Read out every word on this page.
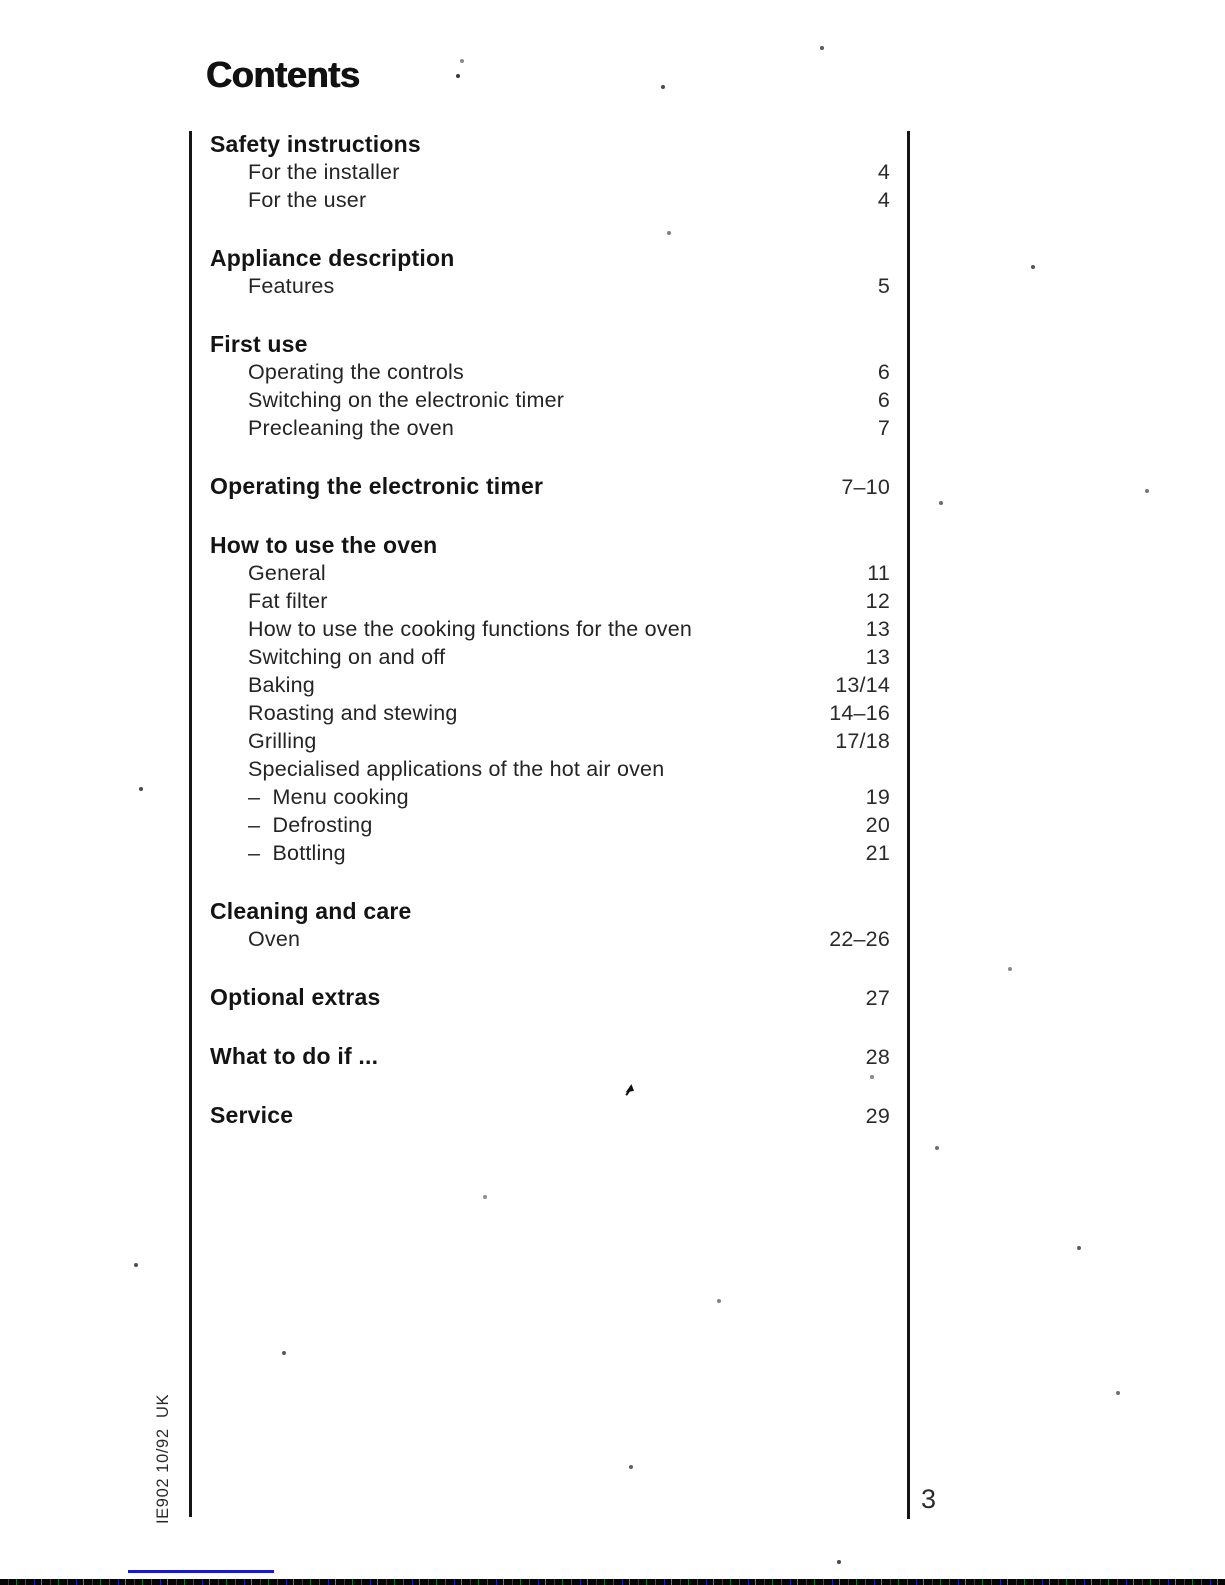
Contents
Safety instructions
For the installer	4
For the user	4
Appliance description
Features	5
First use
Operating the controls	6
Switching on the electronic timer	6
Precleaning the oven	7
Operating the electronic timer	7–10
How to use the oven
General	11
Fat filter	12
How to use the cooking functions for the oven	13
Switching on and off	13
Baking	13/14
Roasting and stewing	14–16
Grilling	17/18
Specialised applications of the hot air oven
–  Menu cooking	19
–  Defrosting	20
–  Bottling	21
Cleaning and care
Oven	22–26
Optional extras	27
What to do if ...	28
Service	29
IE902 10/92  UK	3
